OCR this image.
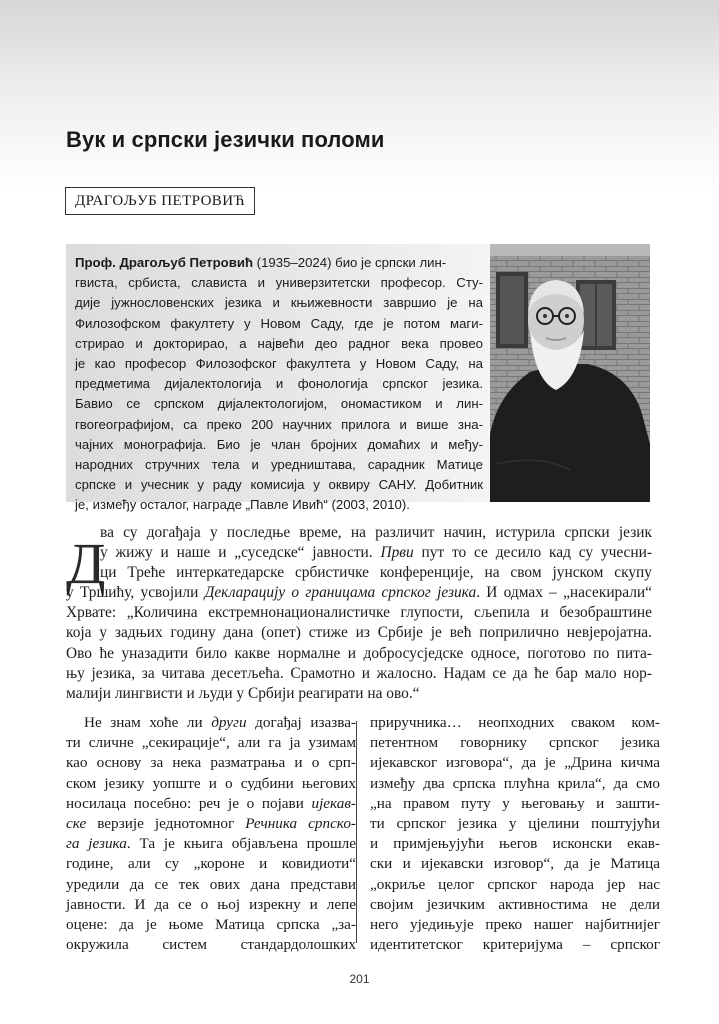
Вук и српски језички поломи
ДРАГОЉУБ ПЕТРОВИЋ
Проф. Драгољуб Петровић (1935–2024) био је српски лин-
гвиста, србиста, слависта и универзитетски професор. Сту-
дије јужнословенских језика и књижевности завршио је на
Филозофском факултету у Новом Саду, где је потом маги-
стрирао и докторирао, а највећи део радног века провео
је као професор Филозофског факултета у Новом Саду, на
предметима дијалектологија и фонологија српског језика.
Бавио се српском дијалектологијом, ономастиком и лин-
гвогеографијом, са преко 200 научних прилога и више зна-
чајних монографија. Био је члан бројних домаћих и међу-
народних стручних тела и уредништава, сарадник Матице
српске и учесник у раду комисија у оквиру САНУ. Добитник
је, између осталог, награде „Павле Ивић“ (2003, 2010).
Д
ва су догађаја у последње време, на различит начин, истурила српски језик
у жижу и наше и „суседске“ јавности. Први пут то се десило кад су учесни-
ци Треће интеркатедарске србистичке конференције, на свом јунском скупу
у Тршићу, усвојили Декларацију о границама српског језика. И одмах – „насекирали“
Хрвате: „Количина екстремнонационалистичке глупости, сљепила и безобраштине
која у задњих годину дана (опет) стиже из Србије је већ поприлично невјеројатна.
Ово ће уназадити било какве нормалне и добросусједске односе, поготово по пита-
њу језика, за читава десетљећа. Срамотно и жалосно. Надам се да ће бар мало нор-
малији лингвисти и људи у Србији реагирати на ово.“
Не знам хоће ли други догађај изазва-
ти сличне „секирације“, али га ја узимам
као основу за нека разматрања и о срп-
ском језику уопште и о судбини његових
носилаца посебно: реч је о појави ијекав-
ске верзије једнотомног Речника српско-
га језика. Та је књига објављена прошле
године, али су „короне и ковидиоти“
уредили да се тек ових дана представи
јавности. И да се о њој изрекну и лепе
оцене: да је њоме Матица српска „за-
окружила систем стандардолошких
приручника… неопходних сваком ком-
петентном говорнику српског језика
ијекавског изговора“, да је „Дрина кичма
између два српска плућна крила“, да смо
„на правом путу у његовању и зашти-
ти српског језика у цјелини поштујући
и примјењујући његов исконски екав-
ски и ијекавски изговор“, да је Матица
„окриље целог српског народа јер нас
својим језичким активностима не дели
него уједињује преко нашег најбитнијег
идентитетског критеријума – српског
201
